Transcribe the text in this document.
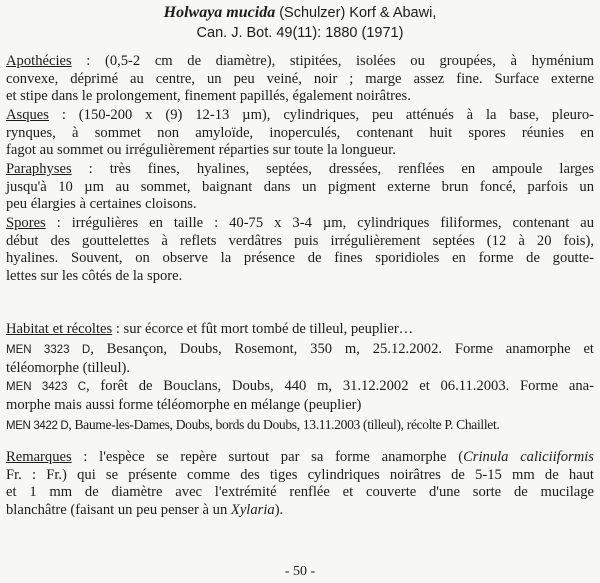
Holwaya mucida (Schulzer) Korf & Abawi,
Can. J. Bot. 49(11): 1880 (1971)
Apothécies : (0,5-2 cm de diamètre), stipitées, isolées ou groupées, à hyménium
convexe, déprimé au centre, un peu veiné, noir ; marge assez fine. Surface externe
et stipe dans le prolongement, finement papillés, également noirâtres.
Asques : (150-200 x (9) 12-13 µm), cylindriques, peu atténués à la base, pleuro-
rynques, à sommet non amyloïde, inoperculés, contenant huit spores réunies en
fagot au sommet ou irrégulièrement réparties sur toute la longueur.
Paraphyses : très fines, hyalines, septées, dressées, renflées en ampoule larges
jusqu'à 10 µm au sommet, baignant dans un pigment externe brun foncé, parfois un
peu élargies à certaines cloisons.
Spores : irrégulières en taille : 40-75 x 3-4 µm, cylindriques filiformes, contenant au
début des gouttelettes à reflets verdâtres puis irrégulièrement septées (12 à 20 fois),
hyalines. Souvent, on observe la présence de fines sporidioles en forme de goutte-
lettes sur les côtés de la spore.
Habitat et récoltes : sur écorce et fût mort tombé de tilleul, peuplier…
MEN 3323 D, Besançon, Doubs, Rosemont, 350 m, 25.12.2002. Forme anamorphe et
téléomorphe (tilleul).
MEN 3423 C, forêt de Bouclans, Doubs, 440 m, 31.12.2002 et 06.11.2003. Forme ana-
morphe mais aussi forme téléomorphe en mélange (peuplier)
MEN 3422 D, Baume-les-Dames, Doubs, bords du Doubs, 13.11.2003 (tilleul), récolte P. Chaillet.
Remarques : l'espèce se repère surtout par sa forme anamorphe (Crinula caliciiformis
Fr. : Fr.) qui se présente comme des tiges cylindriques noirâtres de 5-15 mm de haut
et 1 mm de diamètre avec l'extrémité renflée et couverte d'une sorte de mucilage
blanchâtre (faisant un peu penser à un Xylaria).
- 50 -
